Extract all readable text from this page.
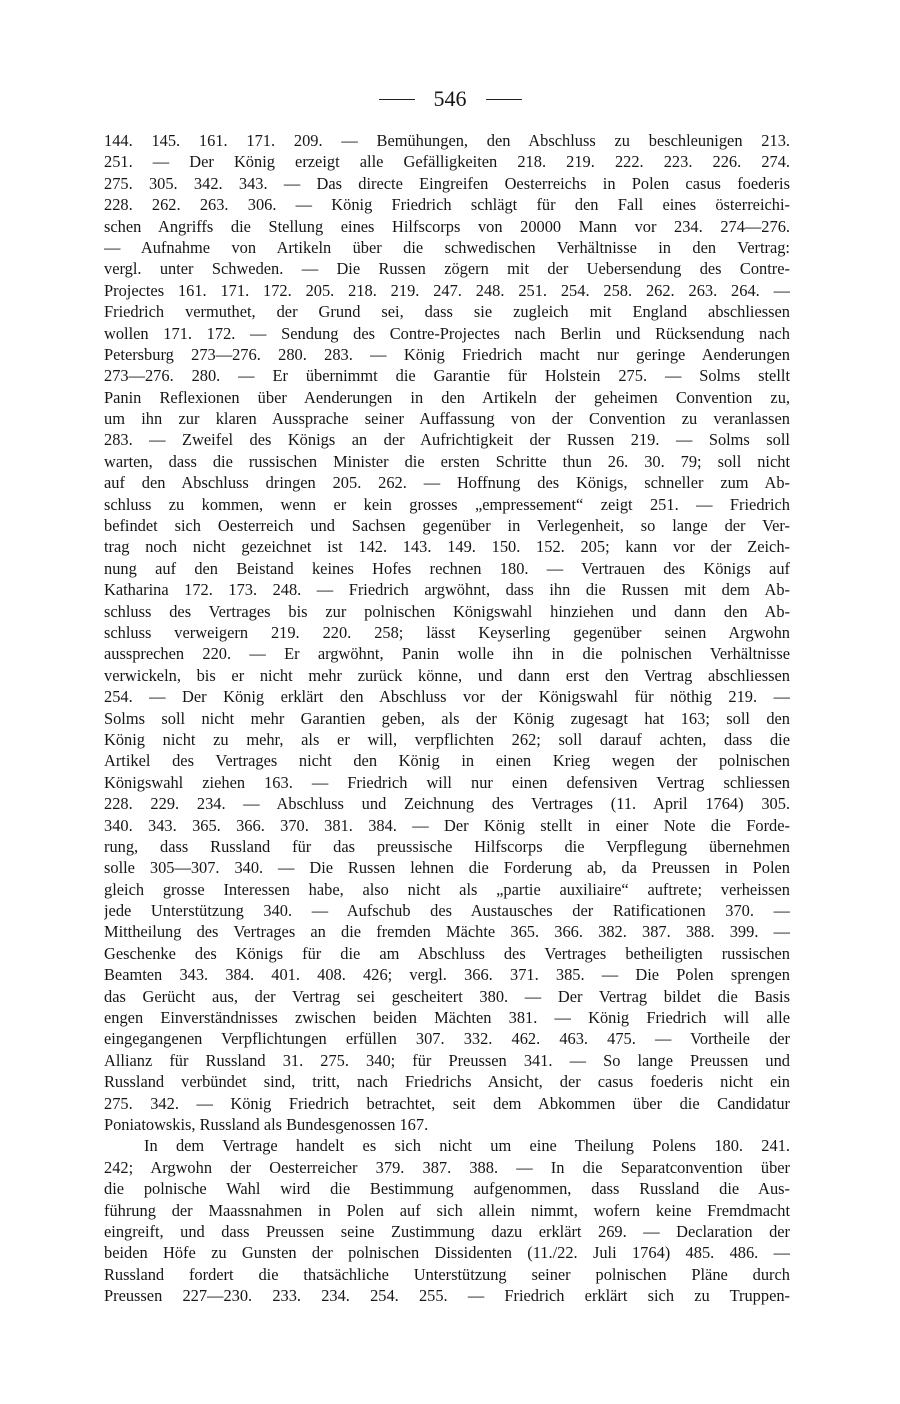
546
144. 145. 161. 171. 209. — Bemühungen, den Abschluss zu beschleunigen 213.
251. — Der König erzeigt alle Gefälligkeiten 218. 219. 222. 223. 226. 274.
275. 305. 342. 343. — Das directe Eingreifen Oesterreichs in Polen casus foederis
228. 262. 263. 306. — König Friedrich schlägt für den Fall eines österreichi-
schen Angriffs die Stellung eines Hilfscorps von 20000 Mann vor 234. 274—276.
— Aufnahme von Artikeln über die schwedischen Verhältnisse in den Vertrag:
vergl. unter Schweden. — Die Russen zögern mit der Uebersendung des Contre-
Projectes 161. 171. 172. 205. 218. 219. 247. 248. 251. 254. 258. 262. 263. 264. —
Friedrich vermuthet, der Grund sei, dass sie zugleich mit England abschliessen
wollen 171. 172. — Sendung des Contre-Projectes nach Berlin und Rücksendung nach
Petersburg 273—276. 280. 283. — König Friedrich macht nur geringe Aenderungen
273—276. 280. — Er übernimmt die Garantie für Holstein 275. — Solms stellt
Panin Reflexionen über Aenderungen in den Artikeln der geheimen Convention zu,
um ihn zur klaren Aussprache seiner Auffassung von der Convention zu veranlassen
283. — Zweifel des Königs an der Aufrichtigkeit der Russen 219. — Solms soll
warten, dass die russischen Minister die ersten Schritte thun 26. 30. 79; soll nicht
auf den Abschluss dringen 205. 262. — Hoffnung des Königs, schneller zum Ab-
schluss zu kommen, wenn er kein grosses „empressement“ zeigt 251. — Friedrich
befindet sich Oesterreich und Sachsen gegenüber in Verlegenheit, so lange der Ver-
trag noch nicht gezeichnet ist 142. 143. 149. 150. 152. 205; kann vor der Zeich-
nung auf den Beistand keines Hofes rechnen 180. — Vertrauen des Königs auf
Katharina 172. 173. 248. — Friedrich argwöhnt, dass ihn die Russen mit dem Ab-
schluss des Vertrages bis zur polnischen Königswahl hinziehen und dann den Ab-
schluss verweigern 219. 220. 258; lässt Keyserling gegenüber seinen Argwohn
aussprechen 220. — Er argwöhnt, Panin wolle ihn in die polnischen Verhältnisse
verwickeln, bis er nicht mehr zurück könne, und dann erst den Vertrag abschliessen
254. — Der König erklärt den Abschluss vor der Königswahl für nöthig 219. —
Solms soll nicht mehr Garantien geben, als der König zugesagt hat 163; soll den
König nicht zu mehr, als er will, verpflichten 262; soll darauf achten, dass die
Artikel des Vertrages nicht den König in einen Krieg wegen der polnischen
Königswahl ziehen 163. — Friedrich will nur einen defensiven Vertrag schliessen
228. 229. 234. — Abschluss und Zeichnung des Vertrages (11. April 1764) 305.
340. 343. 365. 366. 370. 381. 384. — Der König stellt in einer Note die Forde-
rung, dass Russland für das preussische Hilfscorps die Verpflegung übernehmen
solle 305—307. 340. — Die Russen lehnen die Forderung ab, da Preussen in Polen
gleich grosse Interessen habe, also nicht als „partie auxiliaire“ auftrete; verheissen
jede Unterstützung 340. — Aufschub des Austausches der Ratificationen 370. —
Mittheilung des Vertrages an die fremden Mächte 365. 366. 382. 387. 388. 399. —
Geschenke des Königs für die am Abschluss des Vertrages betheiligten russischen
Beamten 343. 384. 401. 408. 426; vergl. 366. 371. 385. — Die Polen sprengen
das Gerücht aus, der Vertrag sei gescheitert 380. — Der Vertrag bildet die Basis
engen Einverständnisses zwischen beiden Mächten 381. — König Friedrich will alle
eingegangenen Verpflichtungen erfüllen 307. 332. 462. 463. 475. — Vortheile der
Allianz für Russland 31. 275. 340; für Preussen 341. — So lange Preussen und
Russland verbündet sind, tritt, nach Friedrichs Ansicht, der casus foederis nicht ein
275. 342. — König Friedrich betrachtet, seit dem Abkommen über die Candidatur
Poniatowskis, Russland als Bundesgenossen 167.
In dem Vertrage handelt es sich nicht um eine Theilung Polens 180. 241.
242; Argwohn der Oesterreicher 379. 387. 388. — In die Separatconvention über
die polnische Wahl wird die Bestimmung aufgenommen, dass Russland die Aus-
führung der Maassnahmen in Polen auf sich allein nimmt, wofern keine Fremdmacht
eingreift, und dass Preussen seine Zustimmung dazu erklärt 269. — Declaration der
beiden Höfe zu Gunsten der polnischen Dissidenten (11./22. Juli 1764) 485. 486. —
Russland fordert die thatsächliche Unterstützung seiner polnischen Pläne durch
Preussen 227—230. 233. 234. 254. 255. — Friedrich erklärt sich zu Truppen-
